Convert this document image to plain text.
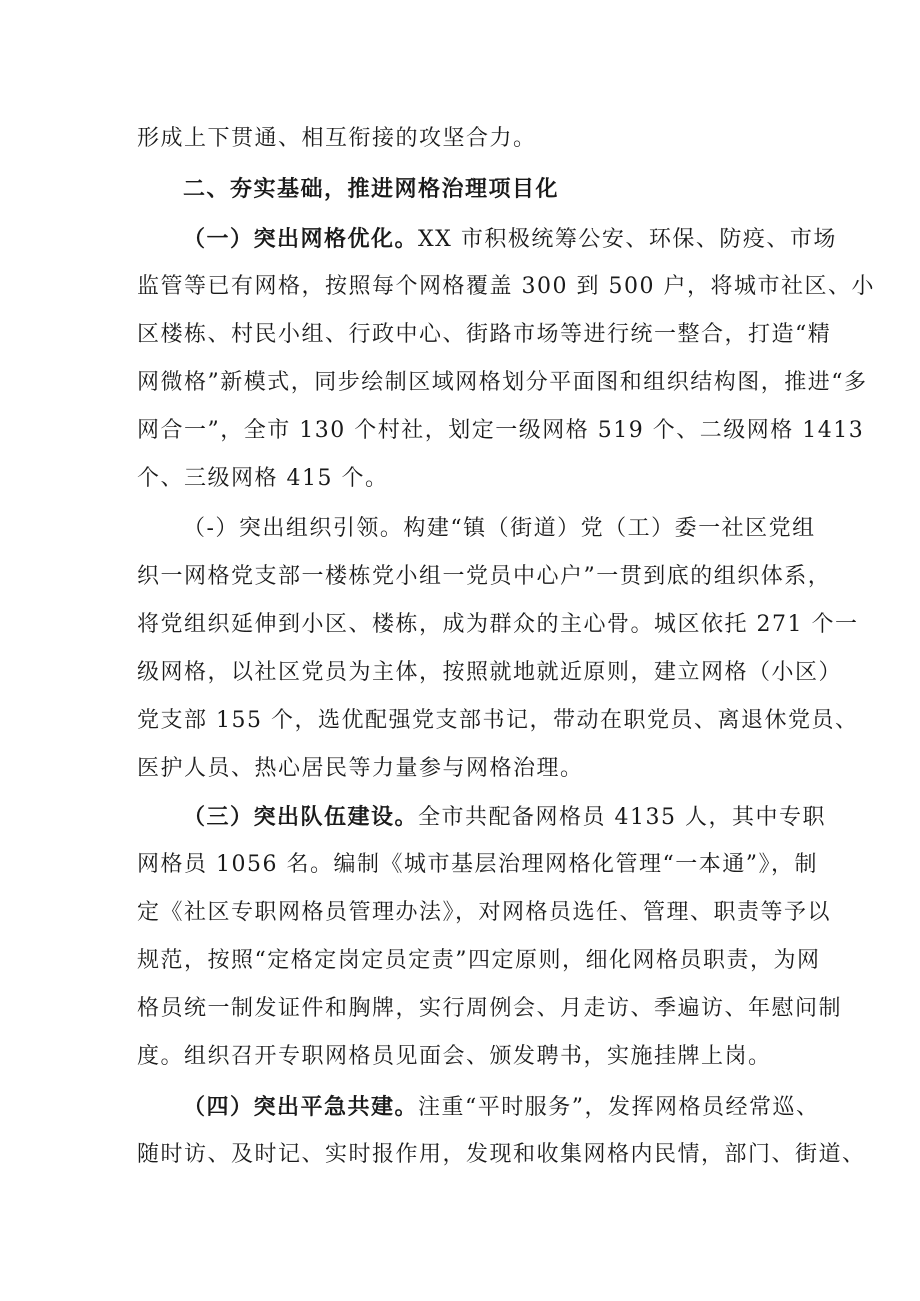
形成上下贯通、相互衔接的攻坚合力。
二、夯实基础，推进网格治理项目化
（一）突出网格优化。XX 市积极统筹公安、环保、防疫、市场
监管等已有网格，按照每个网格覆盖 300 到 500 户，将城市社区、小
区楼栋、村民小组、行政中心、街路市场等进行统一整合，打造“精
网微格”新模式，同步绘制区域网格划分平面图和组织结构图，推进“多
网合一”，全市 130 个村社，划定一级网格 519 个、二级网格 1413
个、三级网格 415 个。
（-）突出组织引领。构建“镇（街道）党（工）委一社区党组
织一网格党支部一楼栋党小组一党员中心户”一贯到底的组织体系，
将党组织延伸到小区、楼栋，成为群众的主心骨。城区依托 271 个一
级网格，以社区党员为主体，按照就地就近原则，建立网格（小区）
党支部 155 个，选优配强党支部书记，带动在职党员、离退休党员、
医护人员、热心居民等力量参与网格治理。
（三）突出队伍建设。全市共配备网格员 4135 人，其中专职
网格员 1056 名。编制《城市基层治理网格化管理“一本通”》，制
定《社区专职网格员管理办法》，对网格员选任、管理、职责等予以
规范，按照“定格定岗定员定责”四定原则，细化网格员职责，为网
格员统一制发证件和胸牌，实行周例会、月走访、季遍访、年慰问制
度。组织召开专职网格员见面会、颁发聘书，实施挂牌上岗。
（四）突出平急共建。注重“平时服务”，发挥网格员经常巡、
随时访、及时记、实时报作用，发现和收集网格内民情，部门、街道、
